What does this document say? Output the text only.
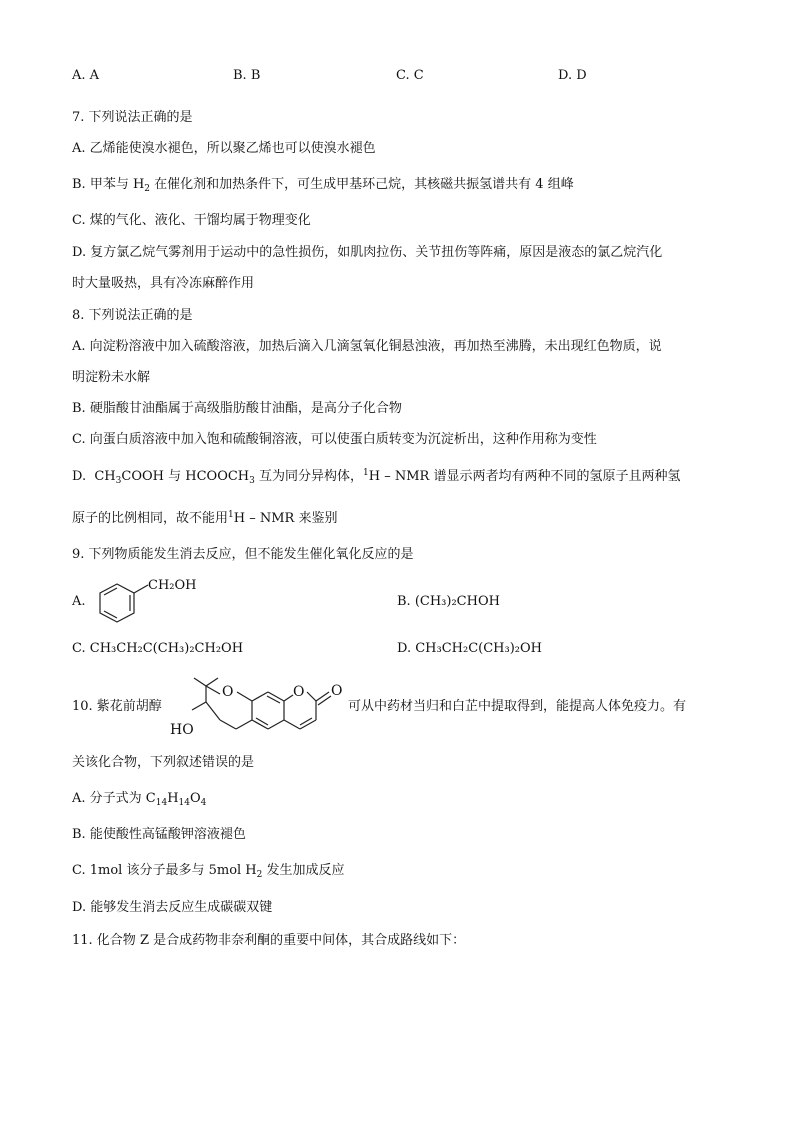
A. A	B. B	C. C	D. D
7. 下列说法正确的是
A. 乙烯能使溴水褪色，所以聚乙烯也可以使溴水褪色
B. 甲苯与 $H_2$ 在催化剂和加热条件下，可生成甲基环己烷，其核磁共振氢谱共有 4 组峰
C. 煤的气化、液化、干馏均属于物理变化
D. 复方氯乙烷气雾剂用于运动中的急性损伤，如肌肉拉伤、关节扭伤等阵痛，原因是液态的氯乙烷汽化
时大量吸热，具有冷冻麻醉作用
8. 下列说法正确的是
A. 向淀粉溶液中加入硫酸溶液，加热后滴入几滴氢氧化铜悬浊液，再加热至沸腾，未出现红色物质，说
明淀粉未水解
B. 硬脂酸甘油酯属于高级脂肪酸甘油酯，是高分子化合物
C. 向蛋白质溶液中加入饱和硫酸铜溶液，可以使蛋白质转变为沉淀析出，这种作用称为变性
D. $CH_3COOH$ 与 $HCOOCH_3$ 互为同分异构体，$^1$H – NMR 谱显示两者均有两种不同的氢原子且两种氢
原子的比例相同，故不能用$^1$H – NMR 来鉴别
9. 下列物质能发生消去反应，但不能发生催化氧化反应的是
A.
CH₂OH
B. (CH₃)₂CHOH
C. CH₃CH₂C(CH₃)₂CH₂OH	D. CH₃CH₂C(CH₃)₂OH
10. 紫花前胡醇
O	O O
HO
可从中药材当归和白芷中提取得到，能提高人体免疫力。有
关该化合物，下列叙述错误的是
A. 分子式为 $C_{14}H_{14}O_4$
B. 能使酸性高锰酸钾溶液褪色
C. 1mol 该分子最多与 5mol $H_2$ 发生加成反应
D. 能够发生消去反应生成碳碳双键
11. 化合物 Z 是合成药物非奈利酮的重要中间体，其合成路线如下：
